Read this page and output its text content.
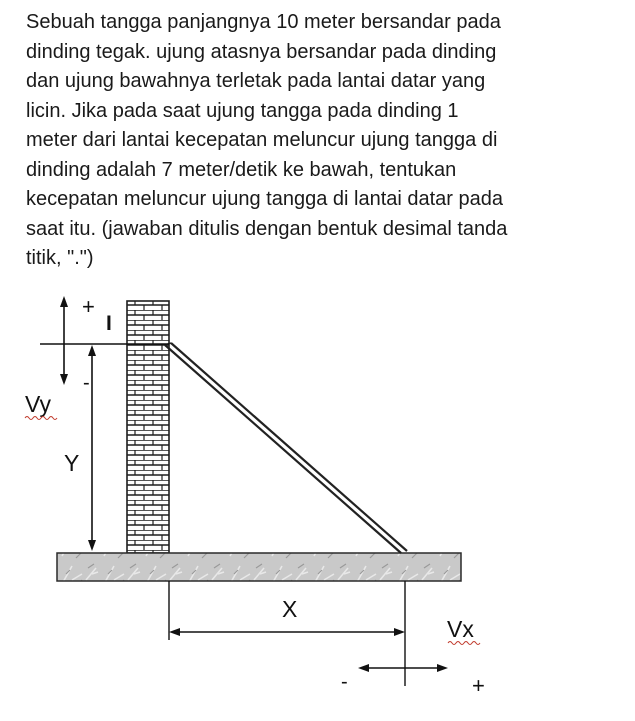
Sebuah tangga panjangnya 10 meter bersandar pada
dinding tegak. ujung atasnya bersandar pada dinding
dan ujung bawahnya terletak pada lantai datar yang
licin. Jika pada saat ujung tangga pada dinding 1
meter dari lantai kecepatan meluncur ujung tangga di
dinding adalah 7 meter/detik ke bawah, tentukan
kecepatan meluncur ujung tangga di lantai datar pada
saat itu. (jawaban ditulis dengan bentuk desimal tanda
titik, ".")
+
-
I
Vy
Y
X
Vx
-	+
